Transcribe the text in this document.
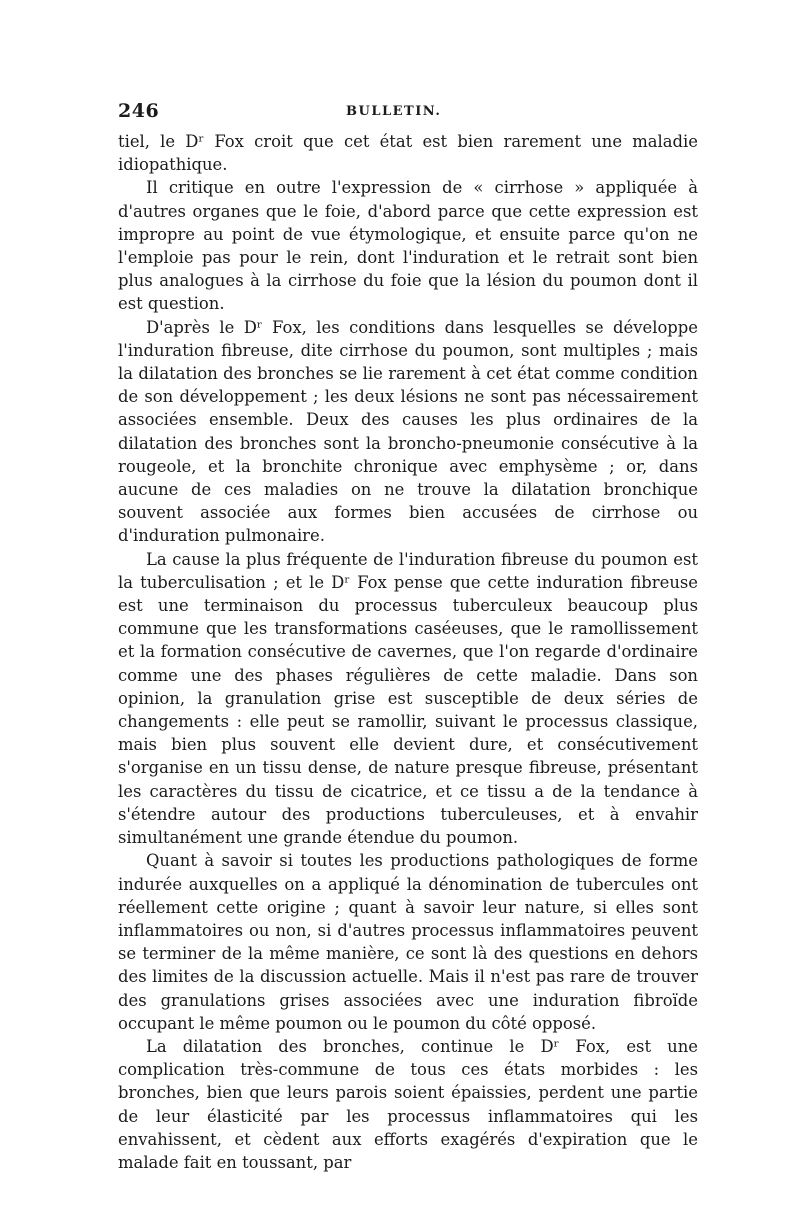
246	BULLETIN.

tiel, le Dʳ Fox croit que cet état est bien rarement une maladie idiopathique.

Il critique en outre l'expression de « cirrhose » appliquée à d'autres organes que le foie, d'abord parce que cette expression est impropre au point de vue étymologique, et ensuite parce qu'on ne l'emploie pas pour le rein, dont l'induration et le retrait sont bien plus analogues à la cirrhose du foie que la lésion du poumon dont il est question.

D'après le Dʳ Fox, les conditions dans lesquelles se développe l'induration fibreuse, dite cirrhose du poumon, sont multiples ; mais la dilatation des bronches se lie rarement à cet état comme condition de son développement ; les deux lésions ne sont pas nécessairement associées ensemble. Deux des causes les plus ordinaires de la dilatation des bronches sont la broncho-pneumonie consécutive à la rougeole, et la bronchite chronique avec emphysème ; or, dans aucune de ces maladies on ne trouve la dilatation bronchique souvent associée aux formes bien accusées de cirrhose ou d'induration pulmonaire.

La cause la plus fréquente de l'induration fibreuse du poumon est la tuberculisation ; et le Dʳ Fox pense que cette induration fibreuse est une terminaison du processus tuberculeux beaucoup plus commune que les transformations caséeuses, que le ramollissement et la formation consécutive de cavernes, que l'on regarde d'ordinaire comme une des phases régulières de cette maladie. Dans son opinion, la granulation grise est susceptible de deux séries de changements : elle peut se ramollir, suivant le processus classique, mais bien plus souvent elle devient dure, et consécutivement s'organise en un tissu dense, de nature presque fibreuse, présentant les caractères du tissu de cicatrice, et ce tissu a de la tendance à s'étendre autour des productions tuberculeuses, et à envahir simultanément une grande étendue du poumon.

Quant à savoir si toutes les productions pathologiques de forme indurée auxquelles on a appliqué la dénomination de tubercules ont réellement cette origine ; quant à savoir leur nature, si elles sont inflammatoires ou non, si d'autres processus inflammatoires peuvent se terminer de la même manière, ce sont là des questions en dehors des limites de la discussion actuelle. Mais il n'est pas rare de trouver des granulations grises associées avec une induration fibroïde occupant le même poumon ou le poumon du côté opposé.

La dilatation des bronches, continue le Dʳ Fox, est une complication très-commune de tous ces états morbides : les bronches, bien que leurs parois soient épaissies, perdent une partie de leur élasticité par les processus inflammatoires qui les envahissent, et cèdent aux efforts exagérés d'expiration que le malade fait en toussant, par
